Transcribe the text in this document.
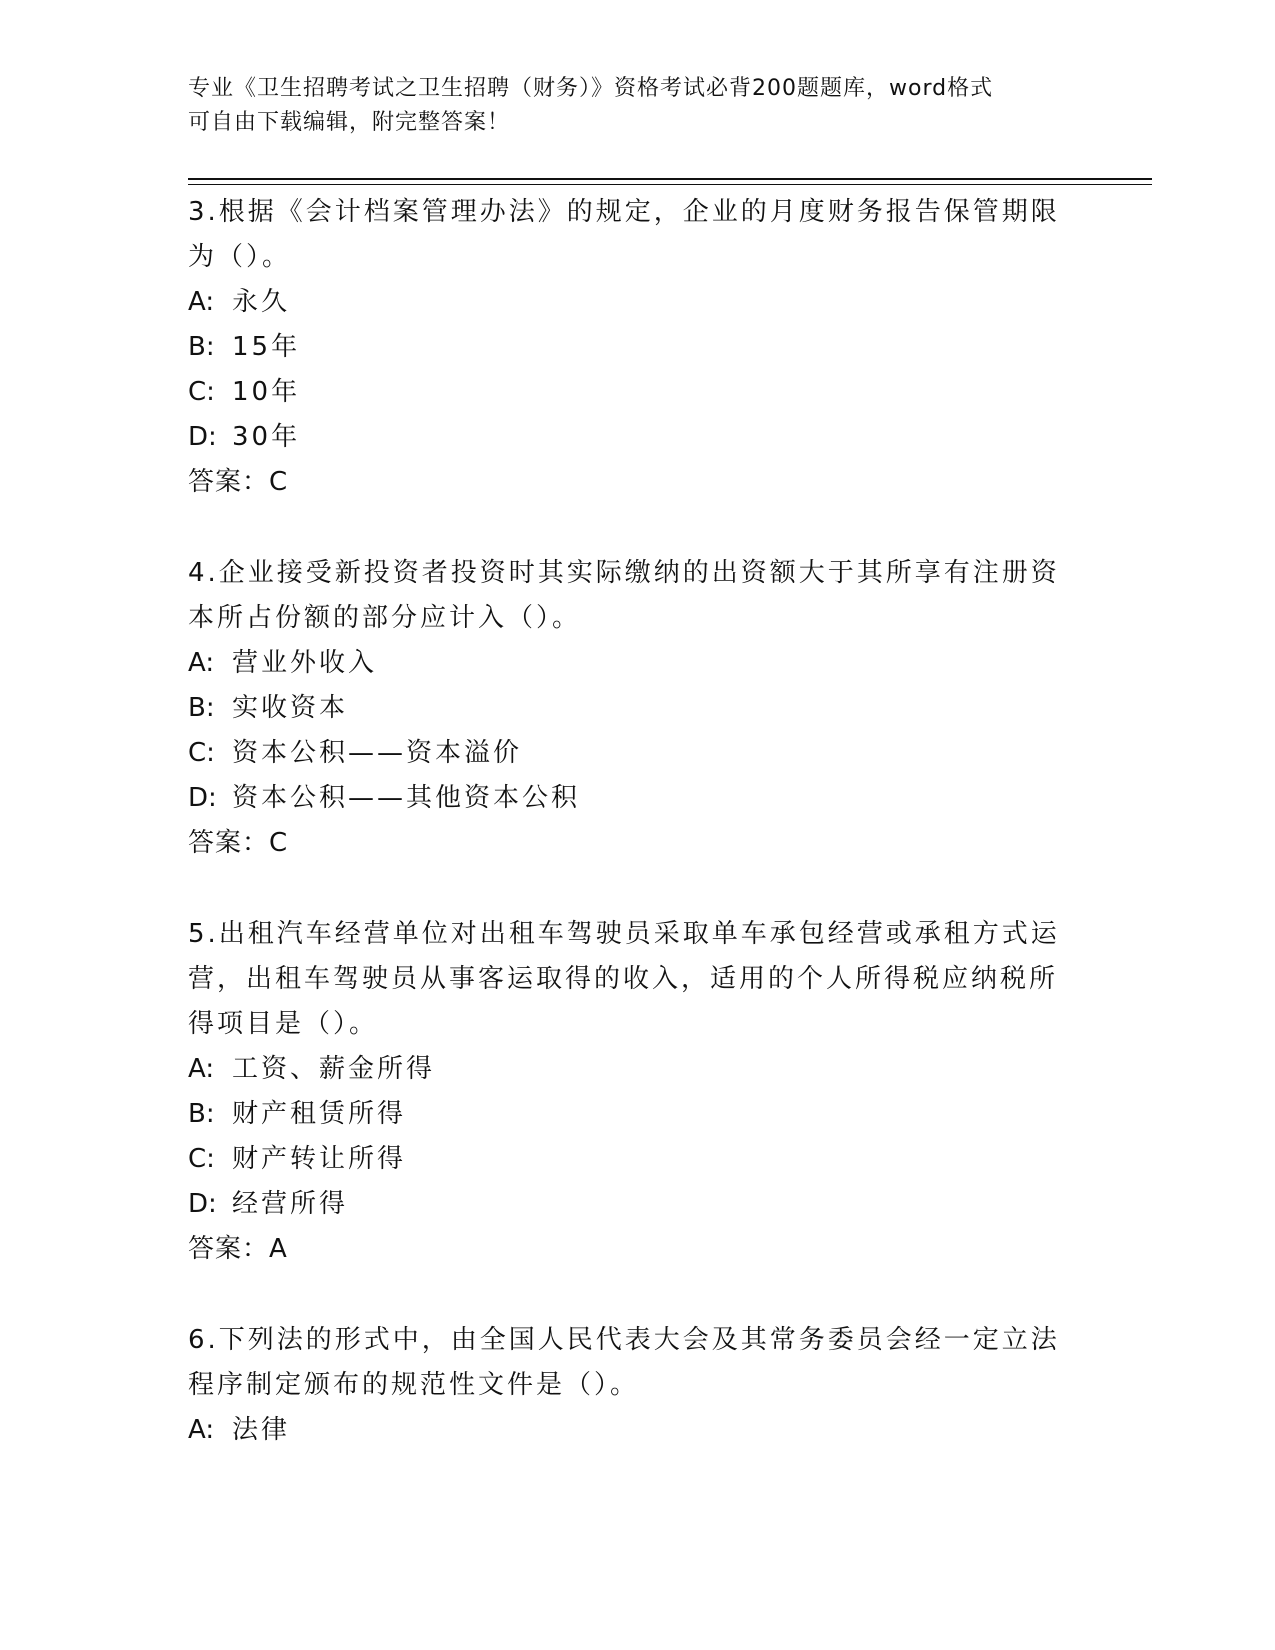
专业《卫生招聘考试之卫生招聘（财务）》资格考试必背200题题库，word格式
可自由下载编辑，附完整答案！
3.根据《会计档案管理办法》的规定，企业的月度财务报告保管期限为（）。
A: 永久
B: 15年
C: 10年
D: 30年
答案：C
4.企业接受新投资者投资时其实际缴纳的出资额大于其所享有注册资本所占份额的部分应计入（）。
A: 营业外收入
B: 实收资本
C: 资本公积——资本溢价
D: 资本公积——其他资本公积
答案：C
5.出租汽车经营单位对出租车驾驶员采取单车承包经营或承租方式运营，出租车驾驶员从事客运取得的收入，适用的个人所得税应纳税所得项目是（）。
A: 工资、薪金所得
B: 财产租赁所得
C: 财产转让所得
D: 经营所得
答案：A
6.下列法的形式中，由全国人民代表大会及其常务委员会经一定立法程序制定颁布的规范性文件是（）。
A: 法律
